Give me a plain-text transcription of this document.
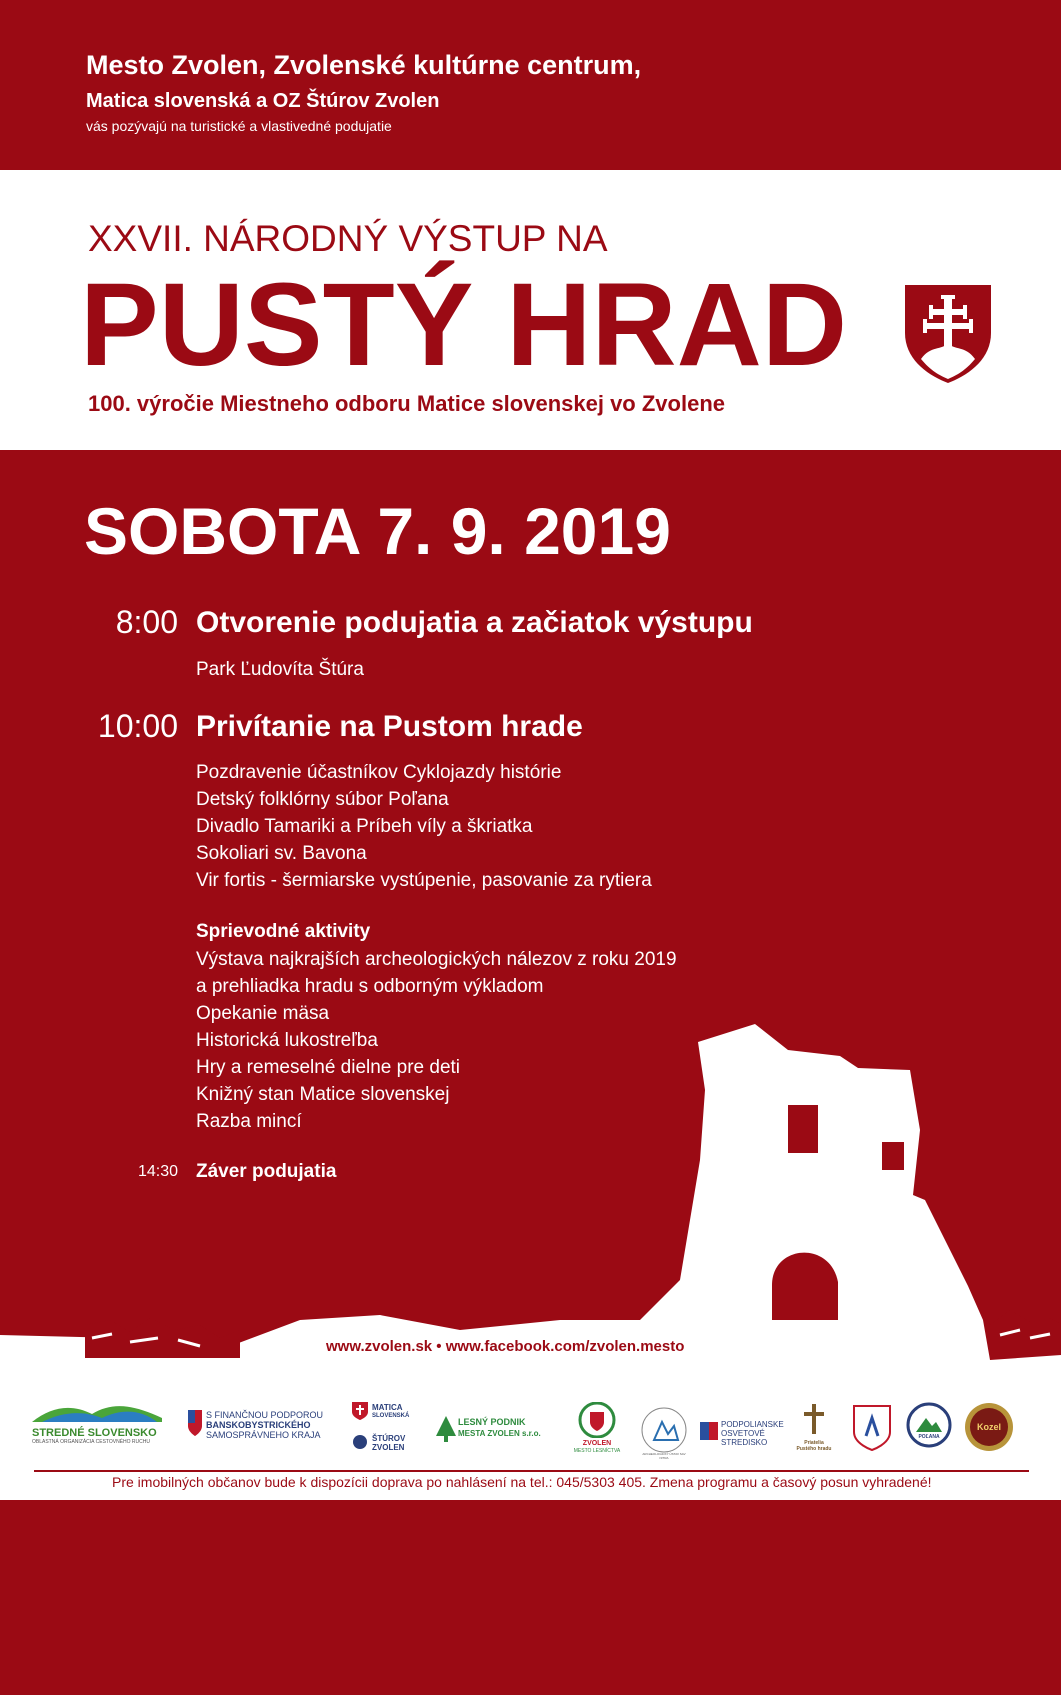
Mesto Zvolen, Zvolenské kultúrne centrum,
Matica slovenská a OZ Štúrov Zvolen
vás pozývajú na turistické a vlastivedné podujatie
XXVII. NÁRODNÝ VÝSTUP NA
PUSTÝ HRAD
100. výročie Miestneho odboru Matice slovenskej vo Zvolene
SOBOTA 7. 9. 2019
8:00 Otvorenie podujatia a začiatok výstupu
Park Ľudovíta Štúra
10:00 Privítanie na Pustom hrade
Pozdravenie účastníkov Cyklojazdy histórie
Detský folklórny súbor Poľana
Divadlo Tamariki a Príbeh víly a škriatka
Sokoliari sv. Bavona
Vir fortis - šermiarske vystúpenie, pasovanie za rytiera
Sprievodné aktivity
Výstava najkrajších archeologických nálezov z roku 2019
a prehliadka hradu s odborným výkladom
Opekanie mäsa
Historická lukostreľba
Hry a remeselné dielne pre deti
Knižný stan Matice slovenskej
Razba mincí
14:30 Záver podujatia
www.zvolen.sk • www.facebook.com/zvolen.mesto
STREDNÉ SLOVENSKO
OBLASTNÁ ORGANIZÁCIA CESTOVNÉHO RUCHU
S FINANČNOU PODPOROU
BANSKOBYSTRICKÉHO
SAMOSPRÁVNEHO KRAJA
MATICA
SLOVENSKÁ
ŠTÚROV
ZVOLEN
LESNÝ PODNIK
MESTA ZVOLEN s.r.o.
ZVOLEN
MESTO LESNÍCTVA	ARCHEOLOGICKÝ ÚSTAV SAV NITRA
PODPOLIANSKE
OSVETOVÉ
STREDISKO	Priatelia Pustého hradu
POĽANA
Kozel
Pre imobilných občanov bude k dispozícii doprava po nahlásení na tel.: 045/5303 405. Zmena programu a časový posun vyhradené!
